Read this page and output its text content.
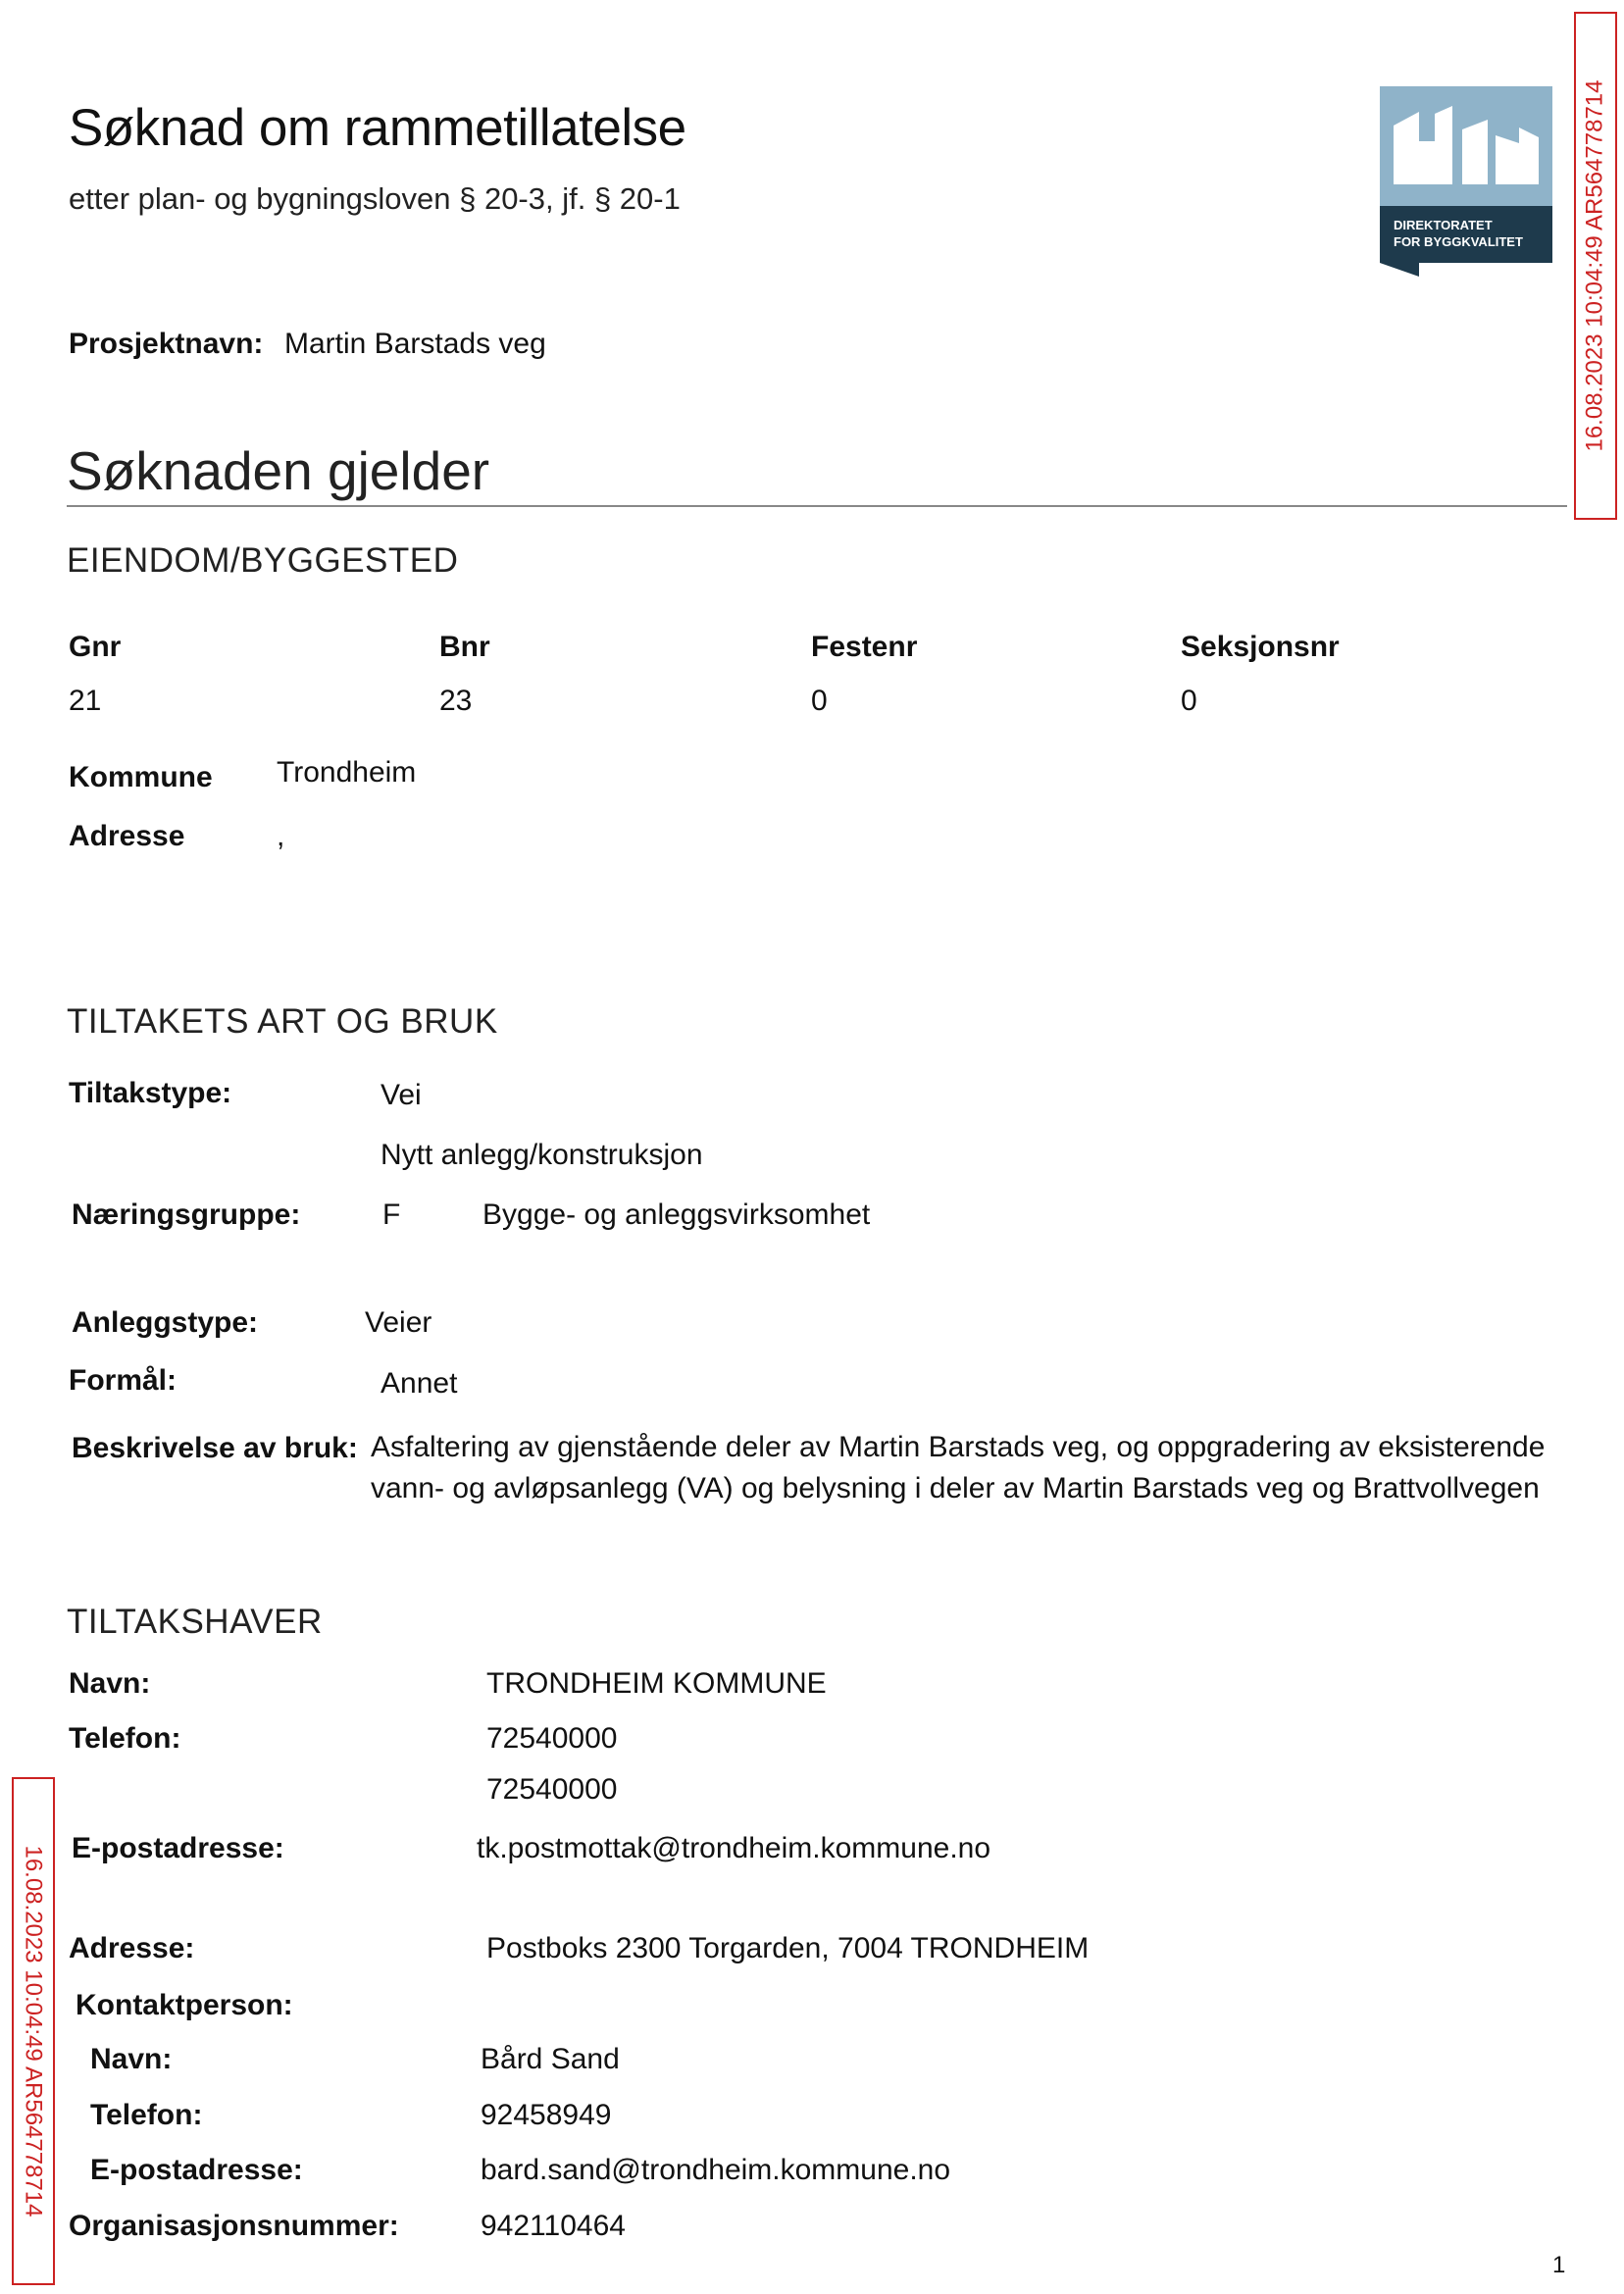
Søknad om rammetillatelse
etter plan- og bygningsloven § 20-3, jf. § 20-1
DIREKTORATET
FOR BYGGKVALITET	16.08.2023 10:04:49 AR564778714
16.08.2023 10:04:49 AR564778714
Prosjektnavn: Martin Barstads veg
Søknaden gjelder
EIENDOM/BYGGESTED
Gnr	Bnr	Festenr	Seksjonsnr
21	23	0	0
Kommune Trondheim
Adresse	,
TILTAKETS ART OG BRUK
Tiltakstype:	Vei
Nytt anlegg/konstruksjon
Næringsgruppe:	F	Bygge- og anleggsvirksomhet
Anleggstype:	Veier
Formål:	Annet
Beskrivelse av bruk: Asfaltering av gjenstående deler av Martin Barstads veg, og oppgradering av eksisterende vann- og avløpsanlegg (VA) og belysning i deler av Martin Barstads veg og Brattvollvegen
TILTAKSHAVER
Navn:	TRONDHEIM KOMMUNE
Telefon:	72540000
72540000
E-postadresse:	tk.postmottak@trondheim.kommune.no
Adresse:	Postboks 2300 Torgarden, 7004 TRONDHEIM
Kontaktperson:
Navn:	Bård Sand
Telefon:	92458949
E-postadresse:	bard.sand@trondheim.kommune.no
Organisasjonsnummer:	942110464
1
